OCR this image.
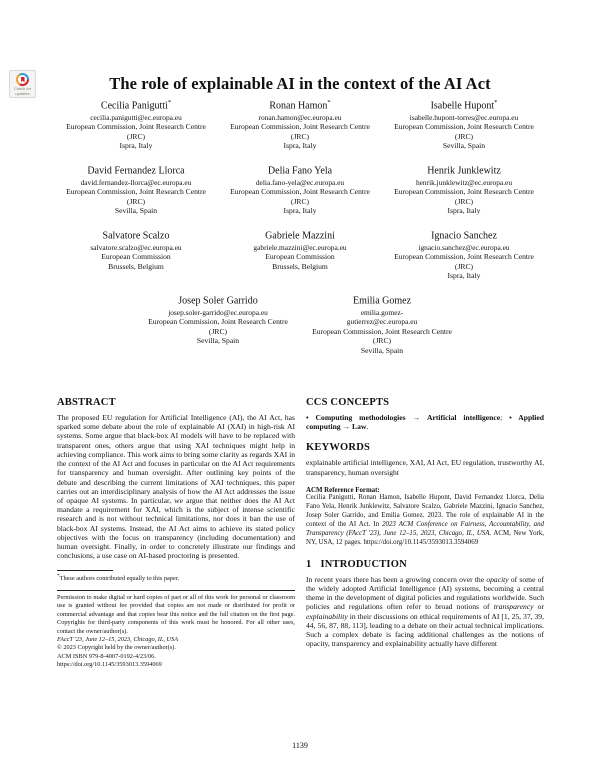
Check for
updates
The role of explainable AI in the context of the AI Act
Cecilia Panigutti*
cecilia.panigutti@ec.europa.eu
European Commission, Joint Research Centre (JRC)
Ispra, Italy
Ronan Hamon*
ronan.hamon@ec.europa.eu
European Commission, Joint Research Centre (JRC)
Ispra, Italy
Isabelle Hupont*
isabelle.hupont-torres@ec.europa.eu
European Commission, Joint Research Centre (JRC)
Sevilla, Spain
David Fernandez Llorca
david.fernandez-llorca@ec.europa.eu
European Commission, Joint Research Centre (JRC)
Sevilla, Spain
Delia Fano Yela
delia.fano-yela@ec.europa.eu
European Commission, Joint Research Centre (JRC)
Ispra, Italy
Henrik Junklewitz
henrik.junklewitz@ec.europa.eu
European Commission, Joint Research Centre (JRC)
Ispra, Italy
Salvatore Scalzo
salvatore.scalzo@ec.europa.eu
European Commission
Brussels, Belgium
Gabriele Mazzini
gabriele.mazzini@ec.europa.eu
European Commission
Brussels, Belgium
Ignacio Sanchez
ignacio.sanchez@ec.europa.eu
European Commission, Joint Research Centre (JRC)
Ispra, Italy
Josep Soler Garrido
josep.soler-garrido@ec.europa.eu
European Commission, Joint Research Centre (JRC)
Sevilla, Spain
Emilia Gomez
emilia.gomez-gutierrez@ec.europa.eu
European Commission, Joint Research Centre (JRC)
Sevilla, Spain
ABSTRACT

The proposed EU regulation for Artificial Intelligence (AI), the AI Act, has sparked some debate about the role of explainable AI (XAI) in high-risk AI systems. Some argue that black-box AI models will have to be replaced with transparent ones, others argue that using XAI techniques might help in achieving compliance. This work aims to bring some clarity as regards XAI in the context of the AI Act and focuses in particular on the AI Act requirements for transparency and human oversight. After outlining key points of the debate and describing the current limitations of XAI techniques, this paper carries out an interdisciplinary analysis of how the AI Act addresses the issue of opaque AI systems. In particular, we argue that neither does the AI Act mandate a requirement for XAI, which is the subject of intense scientific research and is not without technical limitations, nor does it ban the use of black-box AI systems. Instead, the AI Act aims to achieve its stated policy objectives with the focus on transparency (including documentation) and human oversight. Finally, in order to concretely illustrate our findings and conclusions, a use case on AI-based proctoring is presented.

*These authors contributed equally to this paper.

Permission to make digital or hard copies of part or all of this work for personal or classroom use is granted without fee provided that copies are not made or distributed for profit or commercial advantage and that copies bear this notice and the full citation on the first page. Copyrights for third-party components of this work must be honored. For all other uses, contact the owner/author(s).

FAccT '23, June 12–15, 2023, Chicago, IL, USA

© 2023 Copyright held by the owner/author(s).

ACM ISBN 979-8-4007-0192-4/23/06.

https://doi.org/10.1145/3593013.3594069

CCS CONCEPTS

• Computing methodologies → Artificial intelligence; • Applied computing → Law.

KEYWORDS

explainable artificial intelligence, XAI, AI Act, EU regulation, trustworthy AI, transparency, human oversight

ACM Reference Format:

Cecilia Panigutti, Ronan Hamon, Isabelle Hupont, David Fernandez Llorca, Delia Fano Yela, Henrik Junklewitz, Salvatore Scalzo, Gabriele Mazzini, Ignacio Sanchez, Josep Soler Garrido, and Emilia Gomez. 2023. The role of explainable AI in the context of the AI Act. In 2023 ACM Conference on Fairness, Accountability, and Transparency (FAccT '23), June 12–15, 2023, Chicago, IL, USA. ACM, New York, NY, USA, 12 pages. https://doi.org/10.1145/3593013.3594069

1 INTRODUCTION

In recent years there has been a growing concern over the opacity of some of the widely adopted Artificial Intelligence (AI) systems, becoming a central theme in the development of digital policies and regulations worldwide. Such policies and regulations often refer to broad notions of transparency or explainability in their discussions on ethical requirements of AI [1, 25, 37, 39, 44, 56, 87, 88, 113], leading to a debate on their actual technical implications. Such a complex debate is facing additional challenges as the notions of opacity, transparency and explainability actually have different

1139
